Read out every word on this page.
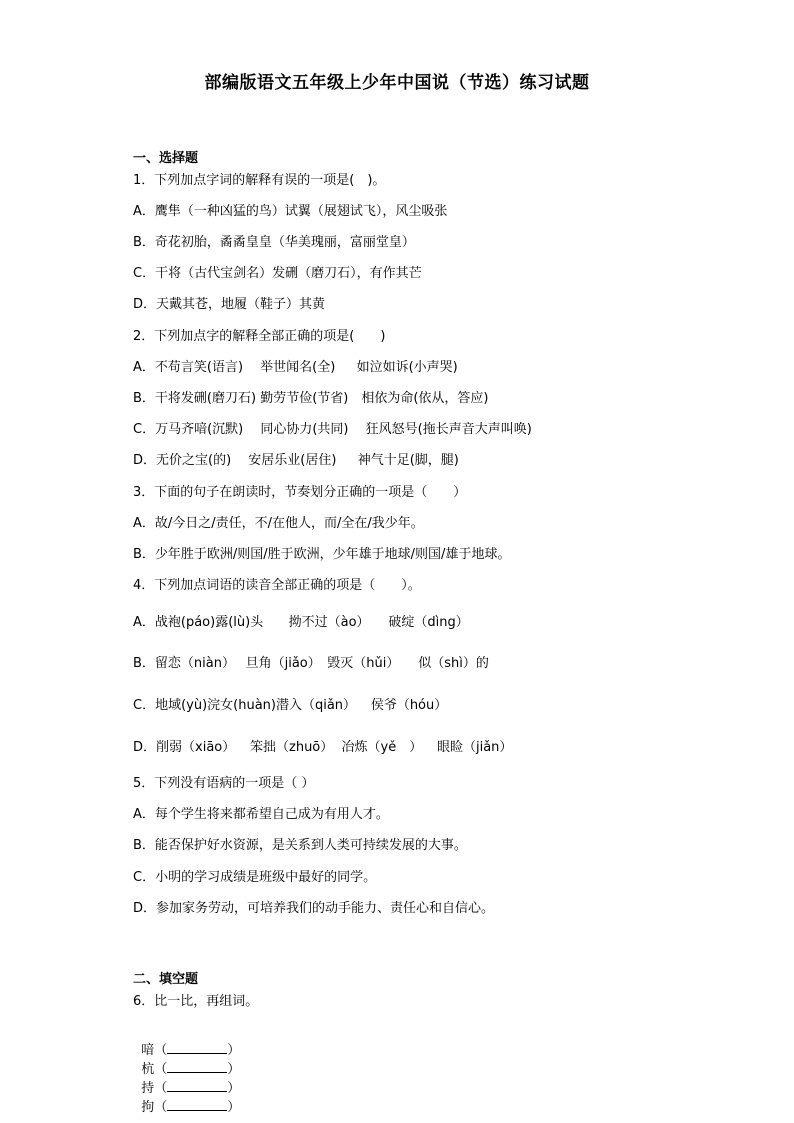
部编版语文五年级上少年中国说（节选）练习试题
一、选择题
1．下列加点字词的解释有误的一项是(　)。
A．鹰隼（一种凶猛的鸟）试翼（展翅试飞），风尘吸张
B．奇花初胎，矞矞皇皇（华美瑰丽，富丽堂皇）
C．干将（古代宝剑名）发硎（磨刀石），有作其芒
D．天戴其苍，地履（鞋子）其黄
2．下列加点字的解释全部正确的项是(　　)
A．不苟言笑(语言)　 举世闻名(全)　  如泣如诉(小声哭)
B．干将发硎(磨刀石) 勤劳节俭(节省)　相依为命(依从，答应)
C．万马齐喑(沉默)　 同心协力(共同)　 狂风怒号(拖长声音大声叫唤)
D．无价之宝(的)　 安居乐业(居住)　  神气十足(脚，腿)
3．下面的句子在朗读时，节奏划分正确的一项是（　　）
A．故/今日之/责任，不/在他人，而/全在/我少年。
B．少年胜于欧洲/则国/胜于欧洲，少年雄于地球/则国/雄于地球。
4．下列加点词语的读音全部正确的项是（　　）。
A．战袍(páo)露(lù)头　   拗不过（ào）　   破绽（dìng）
B．留恋（niàn）　 旦角（jiǎo）　毁灭（hǔi）　   似（shì）的
C．地域(yù)浣女(huàn)潜入（qiǎn）　  侯爷（hóu）
D．削弱（xiāo）　  笨拙（zhuō）  冶炼（yě　）　  眼睑（jiǎn）
5．下列没有语病的一项是（ ）
A．每个学生将来都希望自己成为有用人才。
B．能否保护好水资源，是关系到人类可持续发展的大事。
C．小明的学习成绩是班级中最好的同学。
D．参加家务劳动，可培养我们的动手能力、责任心和自信心。
二、填空题
6．比一比，再组词。

喑（	）
杭（	）
持（	）
拘（	）
